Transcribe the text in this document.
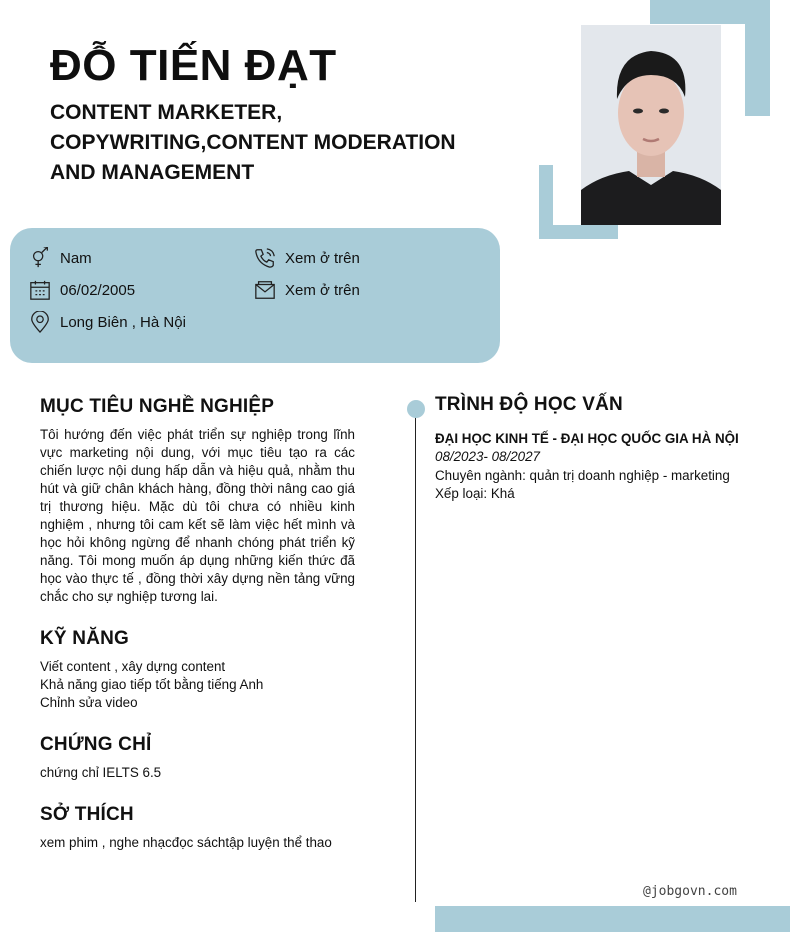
ĐỖ TIẾN ĐẠT

CONTENT MARKETER, COPYWRITING,CONTENT MODERATION AND MANAGEMENT

Nam
06/02/2005
Long Biên , Hà Nội
Xem ở trên
Xem ở trên
MỤC TIÊU NGHỀ NGHIỆP
Tôi hướng đến việc phát triển sự nghiệp trong lĩnh vực marketing nội dung, với mục tiêu tạo ra các chiến lược nội dung hấp dẫn và hiệu quả, nhằm thu hút và giữ chân khách hàng, đồng thời nâng cao giá trị thương hiệu. Mặc dù tôi chưa có nhiều kinh nghiệm , nhưng tôi cam kết sẽ làm việc hết mình và học hỏi không ngừng để nhanh chóng phát triển kỹ năng. Tôi mong muốn áp dụng những kiến thức đã học vào thực tế , đồng thời xây dựng nền tảng vững chắc cho sự nghiệp tương lai.
KỸ NĂNG
Viết content , xây dựng content
Khả năng giao tiếp tốt bằng tiếng Anh
Chỉnh sửa video
CHỨNG CHỈ
chứng chỉ IELTS 6.5
SỞ THÍCH
xem phim , nghe nhạcđọc sáchtập luyện thể thao
TRÌNH ĐỘ HỌC VẤN
ĐẠI HỌC KINH TẾ - ĐẠI HỌC QUỐC GIA HÀ NỘI
08/2023- 08/2027
Chuyên ngành: quản trị doanh nghiệp - marketing
Xếp loại: Khá
@jobgovn.com
